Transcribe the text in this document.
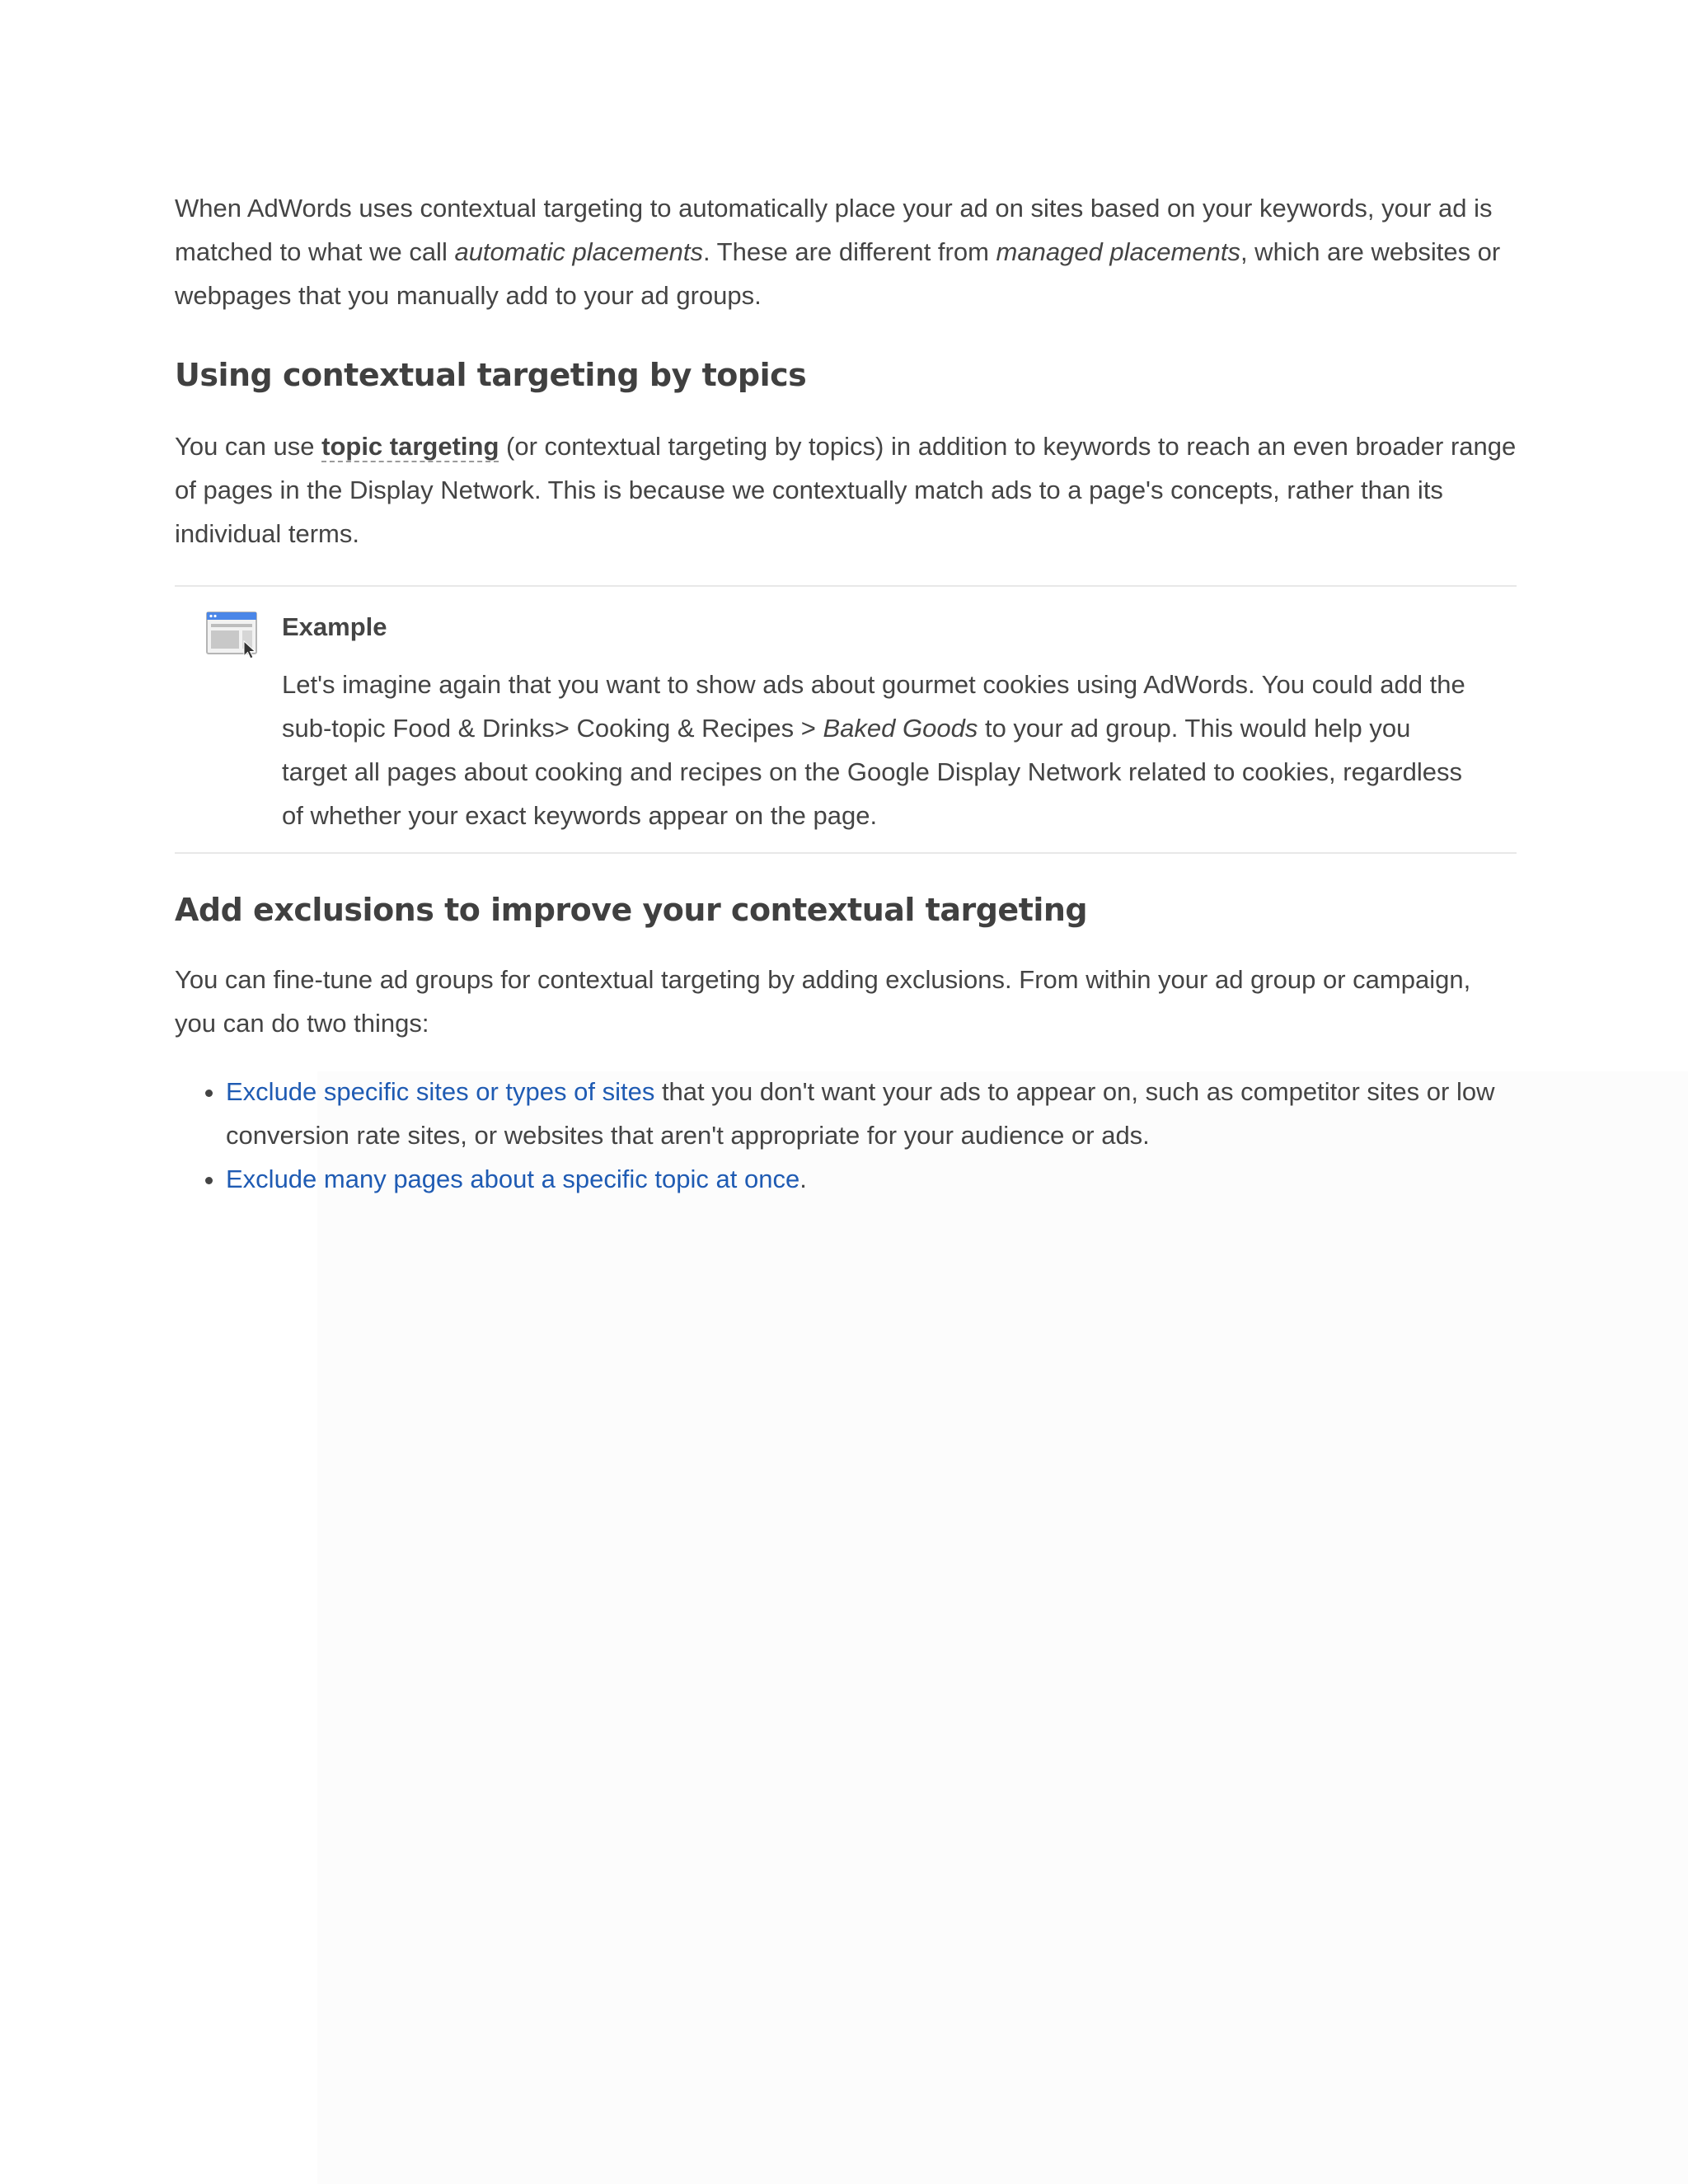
When AdWords uses contextual targeting to automatically place your ad on sites based on your keywords, your ad is matched to what we call automatic placements. These are different from managed placements, which are websites or webpages that you manually add to your ad groups.

Using contextual targeting by topics

You can use topic targeting (or contextual targeting by topics) in addition to keywords to reach an even broader range of pages in the Display Network. This is because we contextually match ads to a page's concepts, rather than its individual terms.

Example

Let's imagine again that you want to show ads about gourmet cookies using AdWords. You could add the sub-topic Food & Drinks> Cooking & Recipes > Baked Goods to your ad group. This would help you target all pages about cooking and recipes on the Google Display Network related to cookies, regardless of whether your exact keywords appear on the page.

Add exclusions to improve your contextual targeting

You can fine-tune ad groups for contextual targeting by adding exclusions. From within your ad group or campaign, you can do two things:

• Exclude specific sites or types of sites that you don't want your ads to appear on, such as competitor sites or low conversion rate sites, or websites that aren't appropriate for your audience or ads.
• Exclude many pages about a specific topic at once.
